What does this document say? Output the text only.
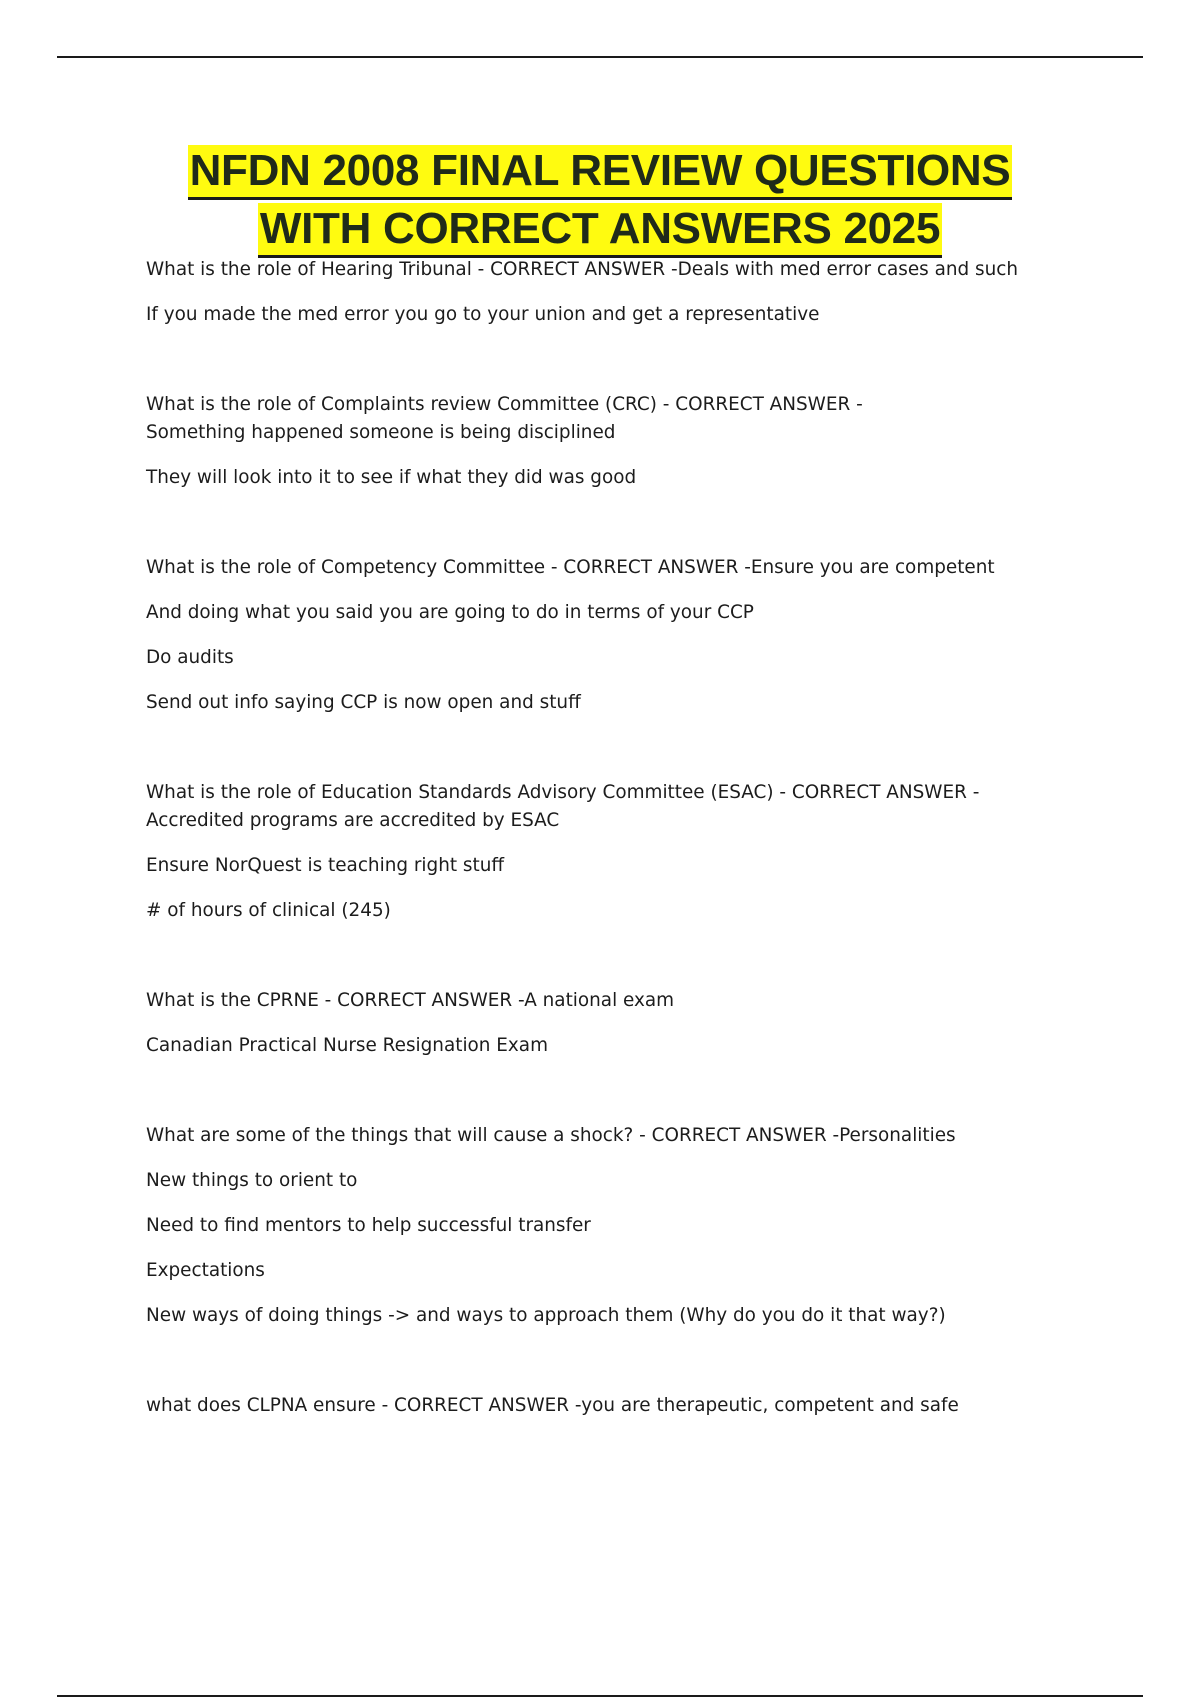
NFDN 2008 FINAL REVIEW QUESTIONS
WITH CORRECT ANSWERS 2025

What is the role of Hearing Tribunal - CORRECT ANSWER -Deals with med error cases and such

If you made the med error you go to your union and get a representative

What is the role of Complaints review Committee (CRC) - CORRECT ANSWER -
Something happened someone is being disciplined

They will look into it to see if what they did was good

What is the role of Competency Committee - CORRECT ANSWER -Ensure you are competent

And doing what you said you are going to do in terms of your CCP

Do audits

Send out info saying CCP is now open and stuff

What is the role of Education Standards Advisory Committee (ESAC) - CORRECT ANSWER -
Accredited programs are accredited by ESAC

Ensure NorQuest is teaching right stuff

# of hours of clinical (245)

What is the CPRNE - CORRECT ANSWER -A national exam

Canadian Practical Nurse Resignation Exam

What are some of the things that will cause a shock? - CORRECT ANSWER -Personalities

New things to orient to

Need to find mentors to help successful transfer

Expectations

New ways of doing things -> and ways to approach them (Why do you do it that way?)

what does CLPNA ensure - CORRECT ANSWER -you are therapeutic, competent and safe
